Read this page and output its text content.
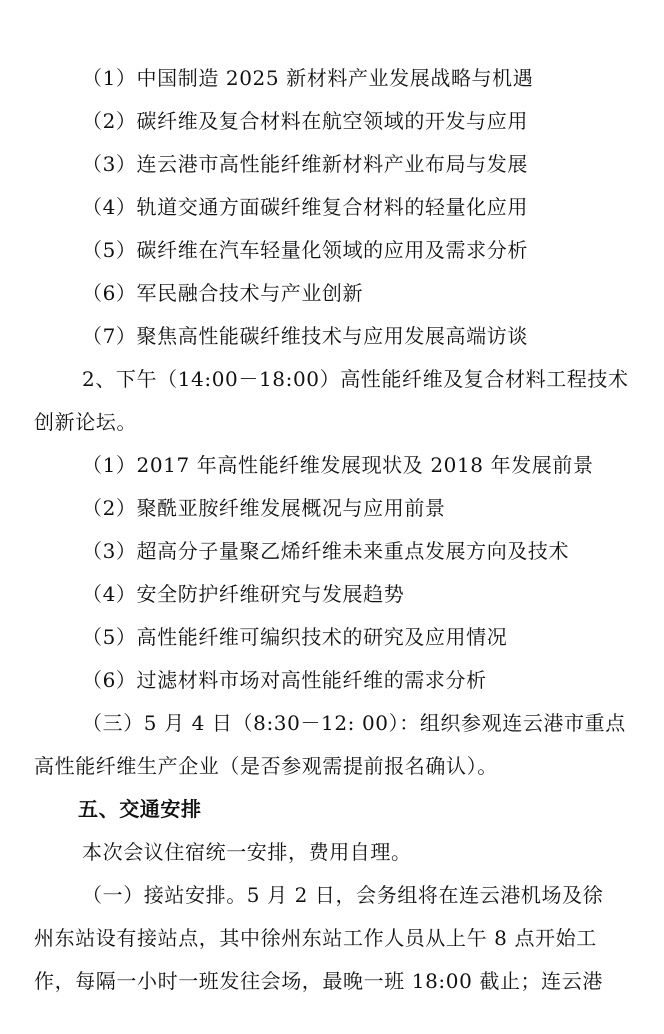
（1）中国制造 2025 新材料产业发展战略与机遇
（2）碳纤维及复合材料在航空领域的开发与应用
（3）连云港市高性能纤维新材料产业布局与发展
（4）轨道交通方面碳纤维复合材料的轻量化应用
（5）碳纤维在汽车轻量化领域的应用及需求分析
（6）军民融合技术与产业创新
（7）聚焦高性能碳纤维技术与应用发展高端访谈
2、下午（14:00－18:00）高性能纤维及复合材料工程技术
创新论坛。
（1）2017 年高性能纤维发展现状及 2018 年发展前景
（2）聚酰亚胺纤维发展概况与应用前景
（3）超高分子量聚乙烯纤维未来重点发展方向及技术
（4）安全防护纤维研究与发展趋势
（5）高性能纤维可编织技术的研究及应用情况
（6）过滤材料市场对高性能纤维的需求分析
（三）5 月 4 日（8:30－12: 00）：组织参观连云港市重点
高性能纤维生产企业（是否参观需提前报名确认）。
五、交通安排
本次会议住宿统一安排，费用自理。
（一）接站安排。5 月 2 日，会务组将在连云港机场及徐
州东站设有接站点，其中徐州东站工作人员从上午 8 点开始工
作，每隔一小时一班发往会场，最晚一班 18:00 截止；连云港
